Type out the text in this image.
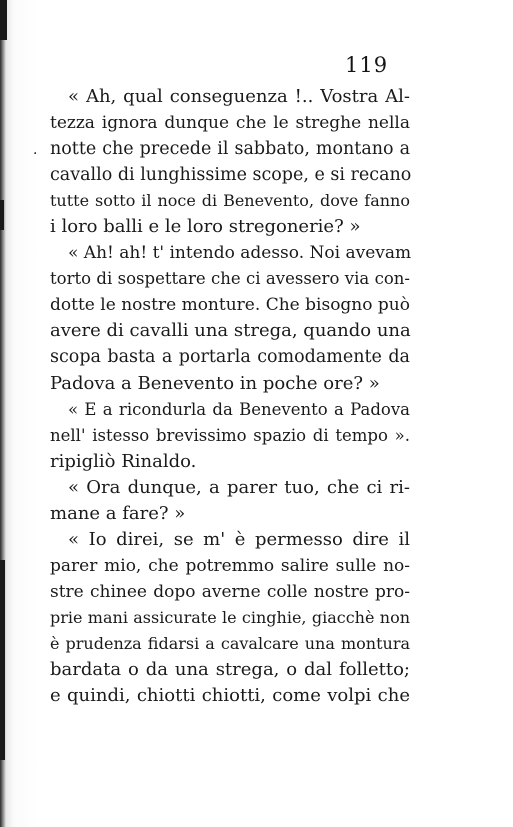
119
·
« Ah, qual conseguenza !.. Vostra Al-
tezza ignora dunque che le streghe nella
notte che precede il sabbato, montano a
cavallo di lunghissime scope, e si recano
tutte sotto il noce di Benevento, dove fanno
i loro balli e le loro stregonerie? »
« Ah! ah! t' intendo adesso. Noi avevam
torto di sospettare che ci avessero via con-
dotte le nostre monture. Che bisogno può
avere di cavalli una strega, quando una
scopa basta a portarla comodamente da
Padova a Benevento in poche ore? »
« E a ricondurla da Benevento a Padova
nell' istesso brevissimo spazio di tempo ».
ripigliò Rinaldo.
« Ora dunque, a parer tuo, che ci ri-
mane a fare? »
« Io direi, se m' è permesso dire il
parer mio, che potremmo salire sulle no-
stre chinee dopo averne colle nostre pro-
prie mani assicurate le cinghie, giacchè non
è prudenza fidarsi a cavalcare una montura
bardata o da una strega, o dal folletto;
e quindi, chiotti chiotti, come volpi che
